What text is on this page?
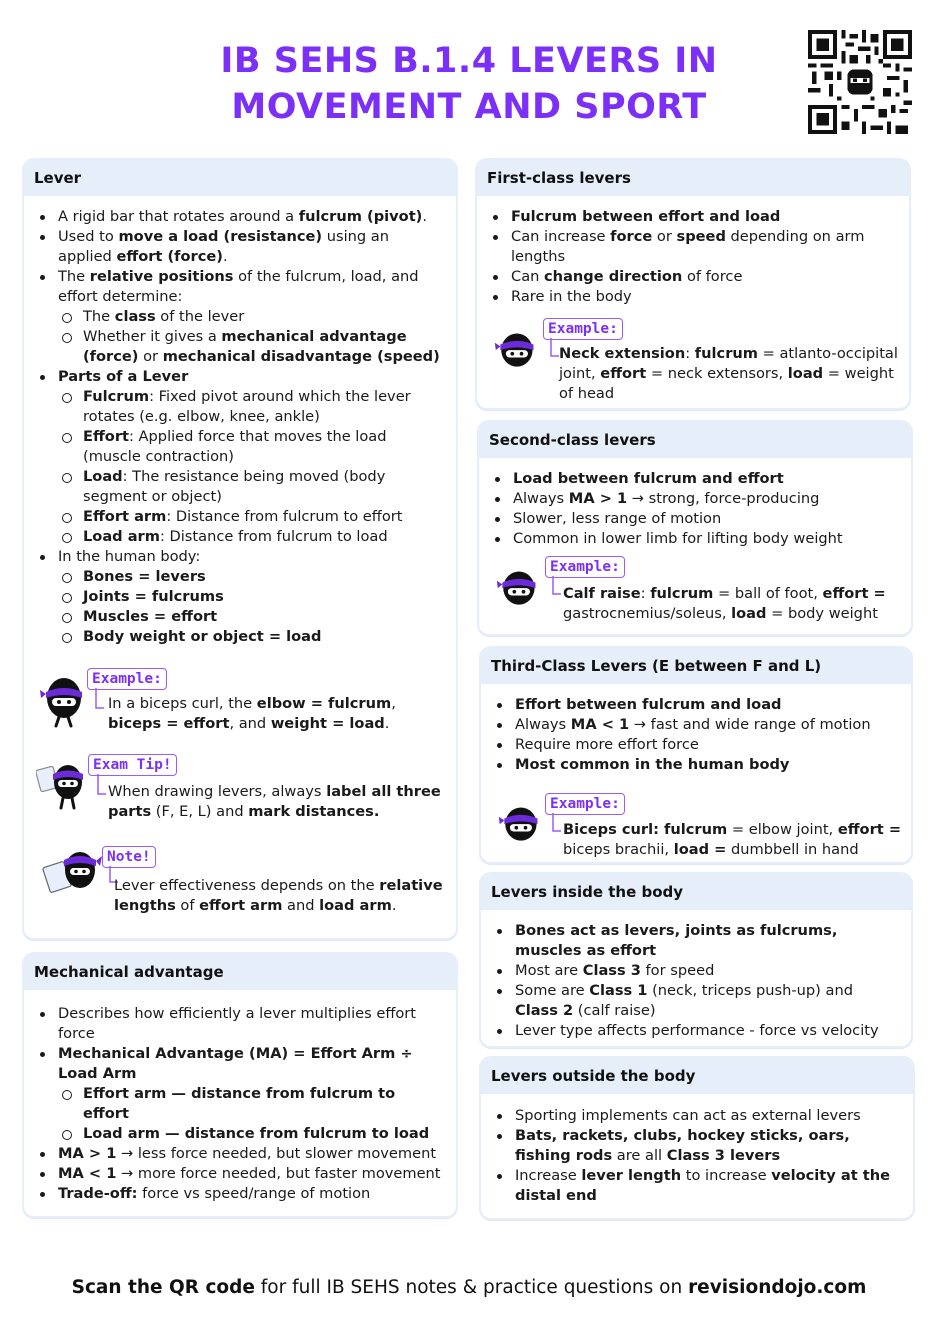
IB SEHS B.1.4 LEVERS IN
MOVEMENT AND SPORT
Lever
A rigid bar that rotates around a fulcrum (pivot).
Used to move a load (resistance) using an applied effort (force).
The relative positions of the fulcrum, load, and effort determine:
The class of the lever
Whether it gives a mechanical advantage (force) or mechanical disadvantage (speed)
Parts of a Lever
Fulcrum: Fixed pivot around which the lever rotates (e.g. elbow, knee, ankle)
Effort: Applied force that moves the load (muscle contraction)
Load: The resistance being moved (body segment or object)
Effort arm: Distance from fulcrum to effort
Load arm: Distance from fulcrum to load
In the human body:
Bones = levers
Joints = fulcrums
Muscles = effort
Body weight or object = load
Example:
In a biceps curl, the elbow = fulcrum, biceps = effort, and weight = load.
Exam Tip!
When drawing levers, always label all three parts (F, E, L) and mark distances.
Note!
Lever effectiveness depends on the relative lengths of effort arm and load arm.
Mechanical advantage
Describes how efficiently a lever multiplies effort force
Mechanical Advantage (MA) = Effort Arm ÷ Load Arm
Effort arm — distance from fulcrum to effort
Load arm — distance from fulcrum to load
MA > 1 → less force needed, but slower movement
MA < 1 → more force needed, but faster movement
Trade-off: force vs speed/range of motion
First-class levers
Fulcrum between effort and load
Can increase force or speed depending on arm lengths
Can change direction of force
Rare in the body
Example:
Neck extension: fulcrum = atlanto-occipital joint, effort = neck extensors, load = weight of head
Second-class levers
Load between fulcrum and effort
Always MA > 1 → strong, force-producing
Slower, less range of motion
Common in lower limb for lifting body weight
Example:
Calf raise: fulcrum = ball of foot, effort = gastrocnemius/soleus, load = body weight
Third-Class Levers (E between F and L)
Effort between fulcrum and load
Always MA < 1 → fast and wide range of motion
Require more effort force
Most common in the human body
Example:
Biceps curl: fulcrum = elbow joint, effort = biceps brachii, load = dumbbell in hand
Levers inside the body
Bones act as levers, joints as fulcrums, muscles as effort
Most are Class 3 for speed
Some are Class 1 (neck, triceps push-up) and Class 2 (calf raise)
Lever type affects performance - force vs velocity
Levers outside the body
Sporting implements can act as external levers
Bats, rackets, clubs, hockey sticks, oars, fishing rods are all Class 3 levers
Increase lever length to increase velocity at the distal end
Scan the QR code for full IB SEHS notes & practice questions on revisiondojo.com
